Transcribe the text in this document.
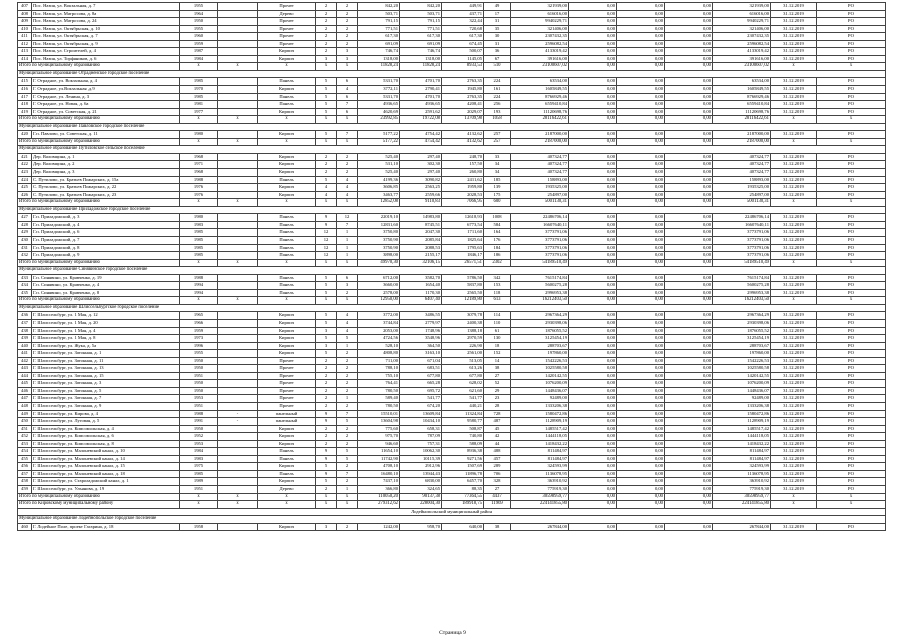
407	Пос. Назия, ул. Вокзальная, д. 7	1955		Прочее	2	2	842,20	842,20	449,91	49	321939,00	0,00	0,00	0,00	321939,00	31.12.2019	РО
408	Пос. Назия, ул. Матросова, д. 8а	1964		Дерево	2	2	503,71	503,71	437,71	17	616016,00	0,00	0,00	0,00	616016,00	31.12.2019	РО
409	Пос. Назия, ул. Матросова, д. 24	1950		Прочее	2	2	791,15	791,15	322,44	31	9940229,71	0,00	0,00	0,00	9940229,71	31.12.2019	РО
410	Пос. Назия, ул. Октябрьская, д. 10	1955		Прочее	2	2	771,51	771,51	720,68	35	321406,00	0,00	0,00	0,00	321406,00	31.12.2019	РО
411	Пос. Назия, ул. Октябрьская, д. 7	1960		Прочее	2	2	617,30	617,30	617,30	30	2307432,35	0,00	0,00	0,00	2307432,35	31.12.2019	РО
412	Пос. Назия, ул. Октябрьская, д. 9	1959		Прочее	2	2	691,09	691,09	674,45	31	2596082,54	0,00	0,00	0,00	2596082,54	31.12.2019	РО
413	Пос. Назия, ул. Строителей, д. 4	1987		Кирпич	2	3	746,74	746,74	500,07	36	4133019,42	0,00	0,00	0,00	4133019,42	31.12.2019	РО
414	Пос. Назия, ул. Торфяников, д. 6	1984		Кирпич	3	3	1318,00	1318,00	1145,05	67	391616,00	0,00	0,00	0,00	391616,00	31.12.2019	РО
Итого по муниципальному образованию		x	x	x	x	x	11828,24	11828,24	8933,53	510	23100607,02	0,00	0,00	0,00	23100607,02	x	x
Муниципальное образование Отрадненское городское поселение																	
415	Г. Отрадное, ул. Вокзальная, д. 4	1985		Панель	5	6	5331,70	4701,70	2763,35	224	63534,00	0,00	0,00	0,00	63534,00	31.12.2019	РО
416	Г. Отрадное, ул.Вокзальная ,д.9	1970		Кирпич	5	4	3772,11	2790,41	1945,80	161	1605849,55	0,00	0,00	0,00	1605849,55	31.12.2019	РО
417	Г. Отрадное, ул. Ленина, д. 3	1985		Панель	5	6	5331,70	4701,70	2763,35	224	8766929,46	0,00	0,00	0,00	8766929,46	31.12.2019	РО
418	Г. Отрадное, ул. Новая, д. 6а	1981		Панель	5	7	4936,65	4936,65	4208,41	256	6559410,84	0,00	0,00	0,00	6559410,84	31.12.2019	РО
419	Г. Отрадное, ул. Советская, д. 21	1977		Кирпич	5	6	4620,69	2591,62	2029,07	193	11120698,76	0,00	0,00	0,00	11120698,76	31.12.2019	РО
Итого по муниципальному образованию		x	x	x	x	x	23992,85	19722,08	13709,98	1058	28116422,61	0,00	0,00	0,00	28116422,61	x	x
Муниципальное образование Павловское городское поселение																	
420	Г.п. Павлово, ул. Советская, д. 11	1980		Кирпич	5	7	5177,22	4754,42	4132,62	257	2187000,00	0,00	0,00	0,00	2187000,00	31.12.2019	РО
Итого по муниципальному образованию		x	x	x	x	x	5177,22	4754,42	4132,62	257	2187000,00	0,00	0,00	0,00	2187000,00	x	x
Муниципальное образование Путиловское сельское поселение																	
421	Дер. Валовщина, д. 1	1968		Кирпич	2	2	525,40	297,40	248,70	33	407324,77	0,00	0,00	0,00	407324,77	31.12.2019	РО
422	Дер. Валовщина, д. 2	1971		Кирпич	2	2	531,10	302,30	157,50	34	407324,77	0,00	0,00	0,00	407324,77	31.12.2019	РО
423	Дер. Валовщина, д. 3	1968		Кирпич	2	2	525,40	297,40	260,80	34	407324,77	0,00	0,00	0,00	407324,77	31.12.2019	РО
424	С. Путилово, ул. Братьев Пожарских, д. 15а	1988		Панель	5	4	4199,36	3090,82	2411,62	185	158893,00	0,00	0,00	0,00	158893,00	31.12.2019	РО
425	С. Путилово, ул. Братьев Пожарских, д. 22	1976		Кирпич	4	4	3606,85	2563,25	1959,80	139	1935325,00	0,00	0,00	0,00	1935325,00	31.12.2019	РО
426	С. Путилово, ул. Братьев Пожарских, д. 23	1976		Кирпич	4	4	3463,77	2559,66	2028,53	175	254897,00	0,00	0,00	0,00	254897,00	31.12.2019	РО
Итого по муниципальному образованию		x	x	x	x	x	12852,08	9110,83	7066,95	600	5001130,31	0,00	0,00	0,00	5001130,31	x	x
Муниципальное образование Приладожское городское поселение																	
427	Г.п. Приладожский, д. 3	1980		Панель	9	12	22019,10	14983,80	12618,93	1008	22486706,14	0,00	0,00	0,00	22486706,14	31.12.2019	РО
428	Г.п. Приладожский, д. 4	1983		Панель	9	7	12831,60	8745,51	6773,54	584	16607640,11	0,00	0,00	0,00	16607640,11	31.12.2019	РО
429	Г.п. Приладожский, д. 6	1985		Панель	12	1	3750,80	2047,30	1711,60	164	3773791,06	0,00	0,00	0,00	3773791,06	31.12.2019	РО
430	Г.п. Приладожский, д. 7	1985		Панель	12	1	3750,90	2085,84	1825,64	176	3773791,06	0,00	0,00	0,00	3773791,06	31.12.2019	РО
431	Г.п. Приладожский, д. 8	1985		Панель	12	1	3750,90	2088,53	1795,63	184	3773791,06	0,00	0,00	0,00	3773791,06	31.12.2019	РО
432	Г.п. Приладожский, д. 9	1985		Панель	12	1	3898,00	2155,17	1846,17	186	3773791,06	0,00	0,00	0,00	3773791,06	31.12.2019	РО
Итого по муниципальному образованию		x	x	x	x	x	49970,30	32106,15	26571,51	2302	54189510,49	0,00	0,00	0,00	54189510,49	x	x
Муниципальное образование Синявинское городское поселение																	
433	Г.п. Синявино, ул. Кравченко, д. 19	1988		Панель	5	6	6712,00	3582,70	5786,50	342	7615174,84	0,00	0,00	0,00	7615174,84	31.12.2019	РО
434	Г.п. Синявино, ул. Кравченко, д. 4	1994		Панель	5	3	3660,00	1654,40	5837,80	153	5600275,28	0,00	0,00	0,00	5600275,28	31.12.2019	РО
435	Г.п. Синявино, ул. Кравченко, д. 8	1994		Панель	5	2	2578,00	1170,30	2565,50	118	2996953,38	0,00	0,00	0,00	2996953,38	31.12.2019	РО
Итого по муниципальному образованию		x	x	x	x	x	12950,00	6407,40	12189,80	613	16212403,50	0,00	0,00	0,00	16212403,50	x	x
Муниципальное образование Шлиссельбургское городское поселение																	
436	Г. Шлиссельбург, ул. 1 Мая, д. 12	1965		Кирпич	5	4	3772,00	3486,55	3079,78	114	2967364,29	0,00	0,00	0,00	2967364,29	31.12.2019	РО
437	Г. Шлиссельбург, ул. 1 Мая, д. 20	1966		Кирпич	5	4	3744,84	2779,97	2400,38	110	2930398,06	0,00	0,00	0,00	2930398,06	31.12.2019	РО
438	Г. Шлиссельбург, ул. 1 Мая, д. 4	1959		Кирпич	3	4	2053,00	1748,96	1388,18	61	1876055,52	0,00	0,00	0,00	1876055,52	31.12.2019	РО
439	Г. Шлиссельбург, ул. 1 Мая, д. 8	1973		Кирпич	5	5	4724,56	3548,96	2970,59	130	3125454,19	0,00	0,00	0,00	3125454,19	31.12.2019	РО
440	Г. Шлиссельбург, ул. Жука, д. 5а	1996		Кирпич	3	1	528,10	364,50	226,90	18	288703,67	0,00	0,00	0,00	288703,67	31.12.2019	РО
441	Г. Шлиссельбург, ул. Затонная, д. 1	1955		Кирпич	5	2	4808,80	3163,10	2561,00	152	197860,00	0,00	0,00	0,00	197860,00	31.12.2019	РО
442	Г. Шлиссельбург, ул. Затонная, д. 11	1950		Прочее	2	2	711,00	671,04	513,05	14	1542226,53	0,00	0,00	0,00	1542226,53	31.12.2019	РО
443	Г. Шлиссельбург, ул. Затонная, д. 13	1950		Прочее	2	2	788,10	683,51	613,26	38	1025580,58	0,00	0,00	0,00	1025580,58	31.12.2019	РО
444	Г. Шлиссельбург, ул. Затонная, д. 15	1951		Прочее	2	2	755,10	677,80	677,80	27	1420142,55	0,00	0,00	0,00	1420142,55	31.12.2019	РО
445	Г. Шлиссельбург, ул. Затонная, д. 3	1950		Прочее	2	2	764,41	665,28	628,02	52	1076200,09	0,00	0,00	0,00	1076200,09	31.12.2019	РО
446	Г. Шлиссельбург, ул. Затонная, д. 5	1950		Прочее	2	2	780,50	695,72	621,60	29	1448436,07	0,00	0,00	0,00	1448436,07	31.12.2019	РО
447	Г. Шлиссельбург, ул. Затонная, д. 7	1953		Прочее	2	1	589,40	541,77	541,77	23	92489,00	0,00	0,00	0,00	92489,00	31.12.2019	РО
448	Г. Шлиссельбург, ул. Затонная, д. 9	1951		Прочее	2	2	780,50	674,20	440,21	28	1333206,38	0,00	0,00	0,00	1333206,38	31.12.2019	РО
449	Г. Шлиссельбург, ул. Кирова, д. 4	1988	-	панельный	9	7	15510,01	13609,84	11324,84	728	1580472,86	0,00	0,00	0,00	1580472,86	31.12.2019	РО
450	Г. Шлиссельбург, ул. Луговая, д. 5	1991	-	панельный	9	5	13604,98	10434,10	9580,77	487	1128909,19	0,00	0,00	0,00	1128909,19	31.12.2019	РО
451	Г. Шлиссельбург, ул. Комсомольская, д. 4	1950		Кирпич	2	2	775,60	658,31	508,87	45	1485517,42	0,00	0,00	0,00	1485517,42	31.12.2019	РО
452	Г. Шлиссельбург, ул. Комсомольская, д. 6	1952		Кирпич	2	2	975,70	787,09	740,80	42	1444118,05	0,00	0,00	0,00	1444118,05	31.12.2019	РО
453	Г. Шлиссельбург, ул. Комсомольская, д. 8	1953		Кирпич	2	2	946,60	757,31	588,09	44	1418432,22	0,00	0,00	0,00	1418432,22	31.12.2019	РО
454	Г. Шлиссельбург, ул. Малоневский канал, д. 10	1984		Панель	9	5	11654,10	10062,30	8936,38	488	811484,97	0,00	0,00	0,00	811484,97	31.12.2019	РО
455	Г. Шлиссельбург, ул. Малоневский канал, д. 14	1983		Панель	9	5	11742,90	10115,39	9271,56	457	811484,97	0,00	0,00	0,00	811484,97	31.12.2019	РО
456	Г. Шлиссельбург, ул. Малоневский канал, д. 15	1975		Кирпич	5	2	4708,10	2912,96	1507,69	289	324593,99	0,00	0,00	0,00	324593,99	31.12.2019	РО
457	Г. Шлиссельбург, ул. Малоневский канал, д. 18	1985		Панель	9	7	16480,10	13944,43	11896,78	706	1136078,95	0,00	0,00	0,00	1136078,95	31.12.2019	РО
458	Г. Шлиссельбург, ул. Староладожский канал, д. 1	1989		Кирпич	5	2	7437,10	6830,00	6457,70	328	363910,92	0,00	0,00	0,00	363910,92	31.12.2019	РО
459	Г. Шлиссельбург, ул. Ульянова, д. 19	1951		Дерево	2	1	366,80	324,65	88,35	27	775919,30	0,00	0,00	0,00	775919,30	31.12.2019	РО
Итого по муниципальному образованию		x	x	x	x	x	110050,20	90137,38	77364,55	4437	30598959,77	0,00	0,00	0,00	30598959,77	x	x
Итого по Кировскому муниципальному району		x	x	x	x	x	279312,62	228004,30	189918,75	11969	224141855,80	0,00	0,00	0,00	224141855,80	x	x
Лодейнопольский муниципальный район																	
Муниципальное образование Лодейнопольское городское поселение																	
460	Г. Лодейное Поле, проект Гагарина, д. 18	1958		Кирпич	3	2	1242,00	958,70	640,00	38	267844,00	0,00	0,00	0,00	267844,00	31.12.2019	РО
Страница 9
